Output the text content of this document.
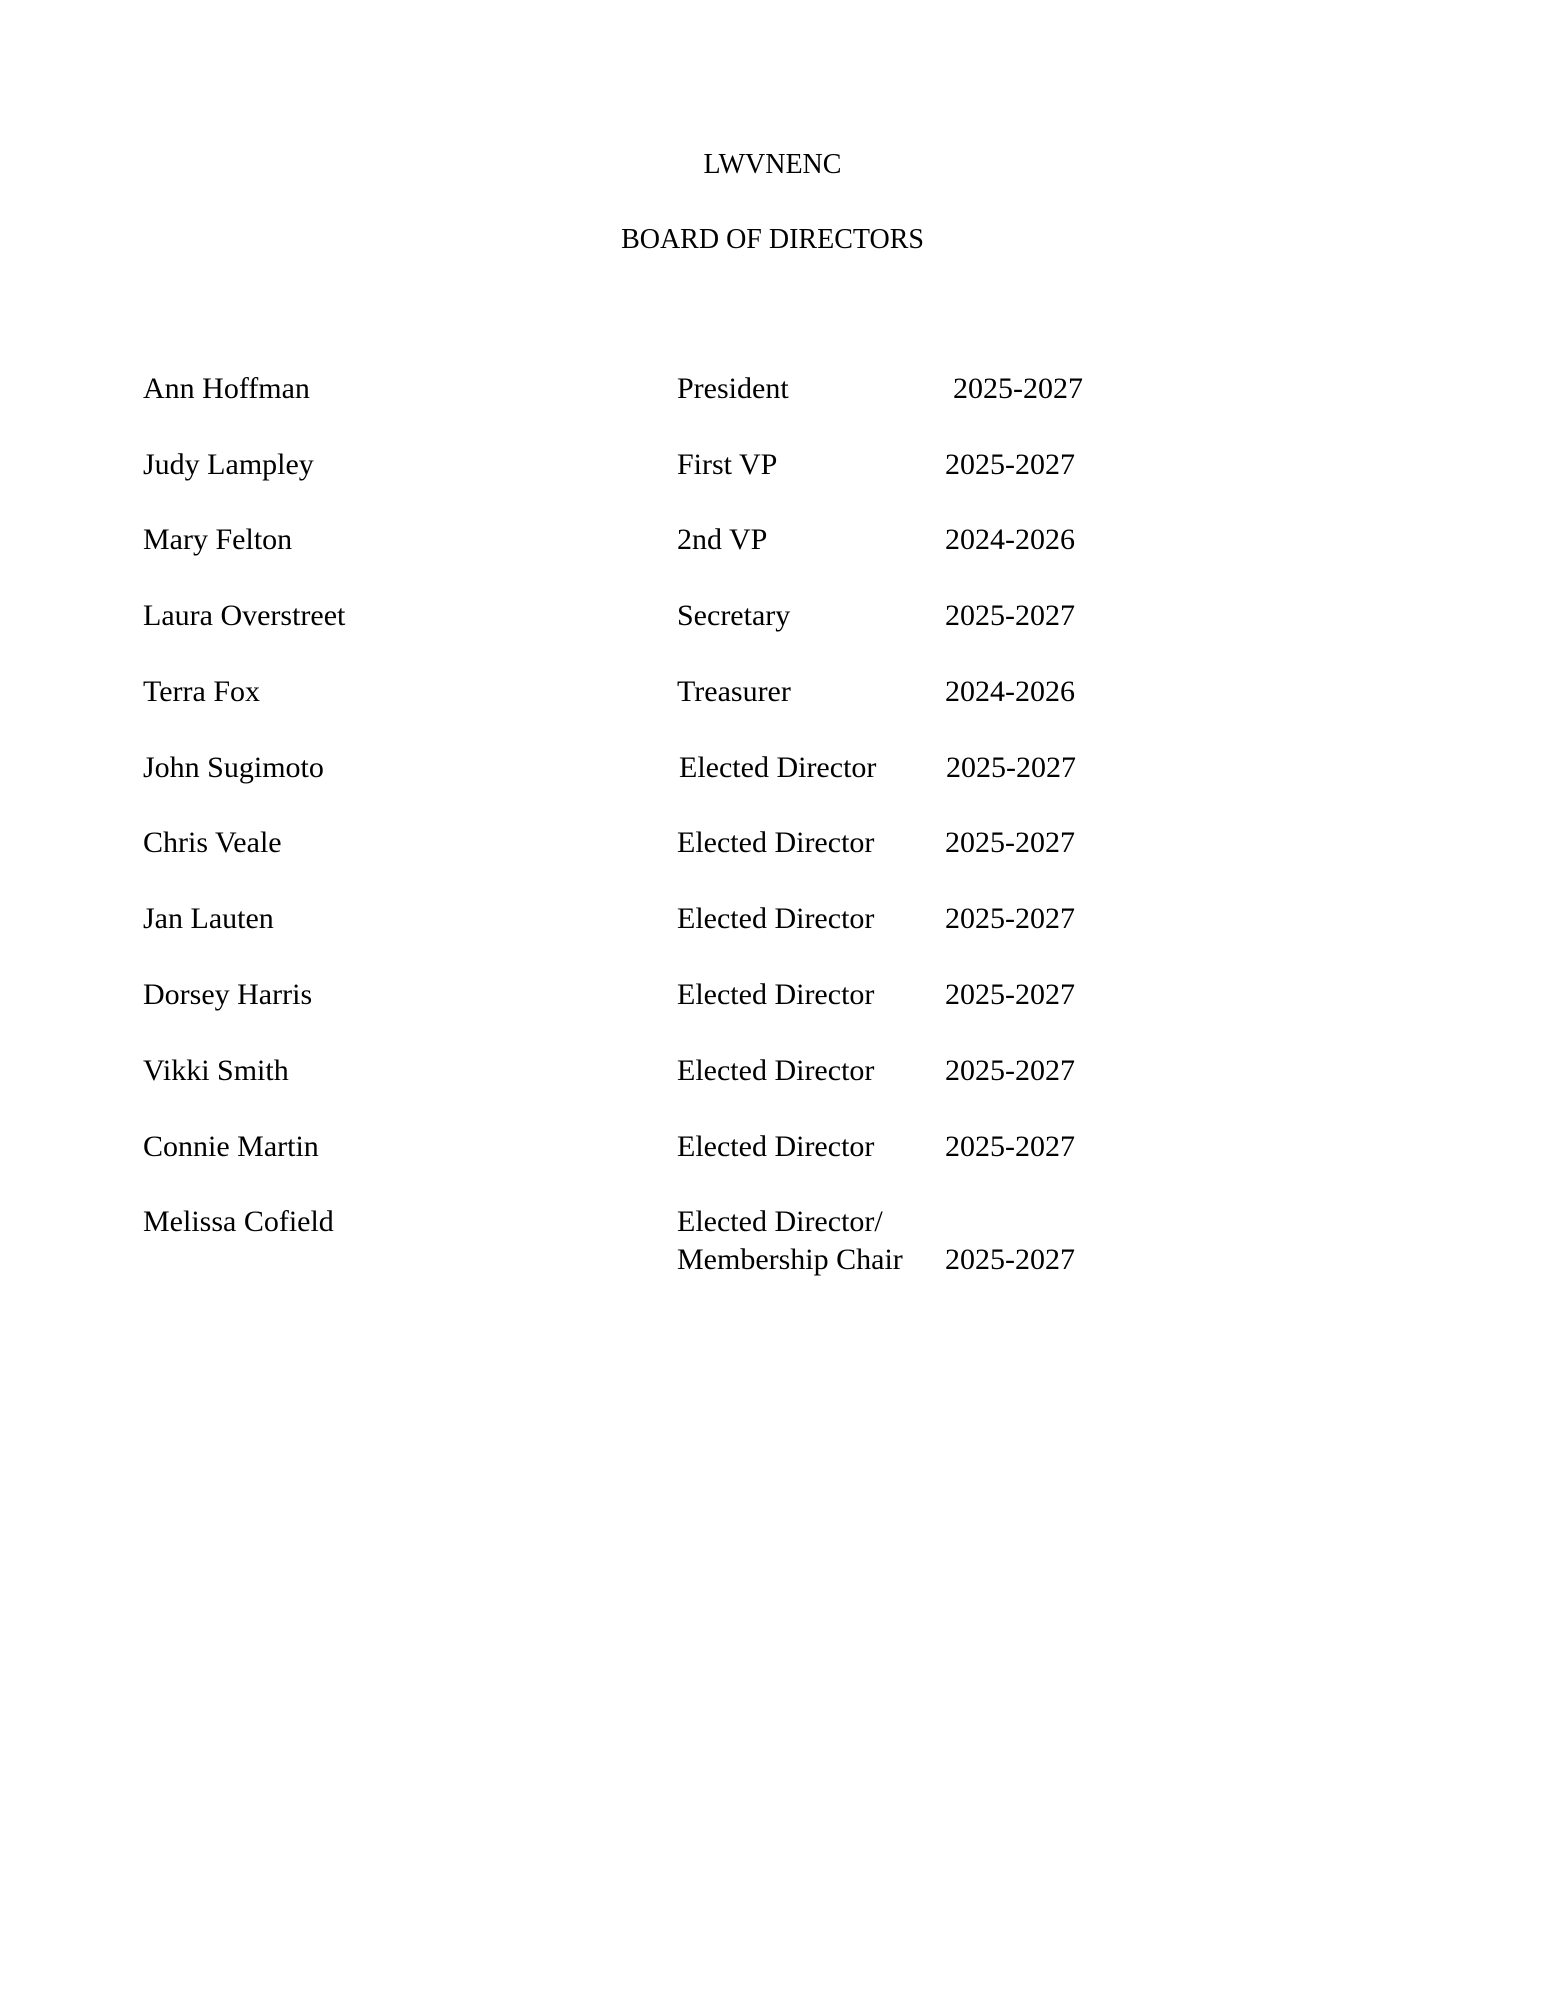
LWVNENC
BOARD OF DIRECTORS
Ann Hoffman	President	2025-2027
Judy Lampley	First VP	2025-2027
Mary Felton	2nd VP	2024-2026
Laura Overstreet	Secretary	2025-2027
Terra Fox	Treasurer	2024-2026
John Sugimoto	Elected Director 2025-2027
Chris Veale	Elected Director 2025-2027
Jan Lauten	Elected Director 2025-2027
Dorsey Harris	Elected Director 2025-2027
Vikki Smith	Elected Director 2025-2027
Connie Martin	Elected Director 2025-2027
Melissa Cofield	Elected Director/
Membership Chair 2025-2027
